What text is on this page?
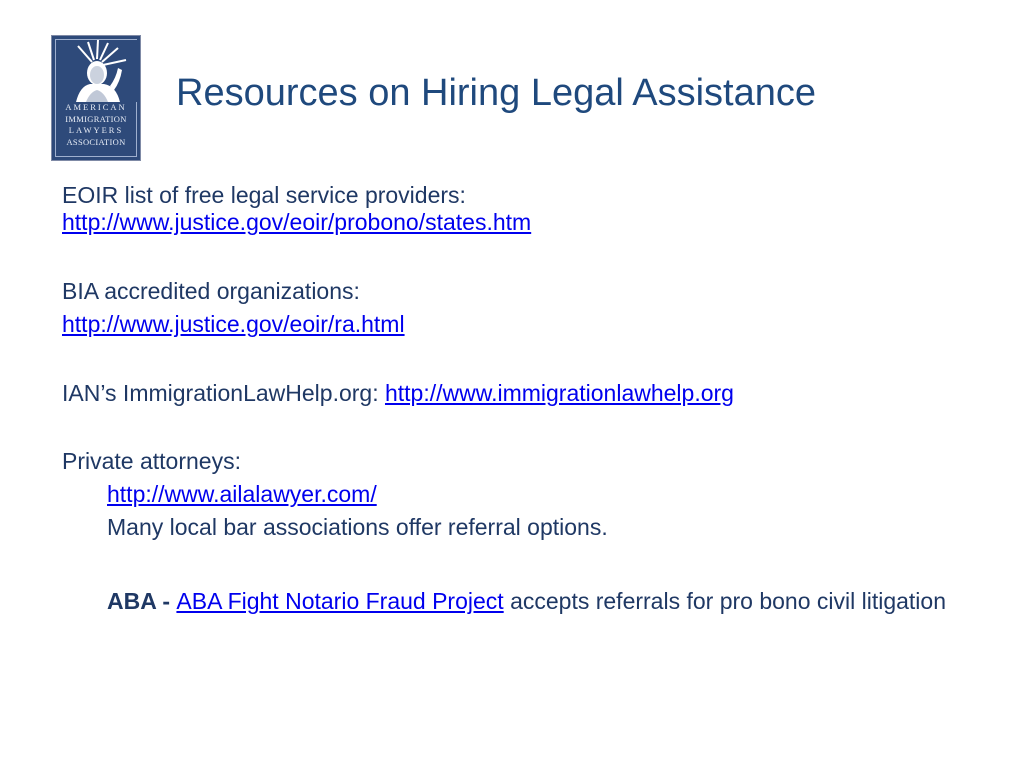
AMERICAN
IMMIGRATION
LAWYERS
ASSOCIATION
Resources on Hiring Legal Assistance
EOIR list of free legal service providers:
http://www.justice.gov/eoir/probono/states.htm
BIA accredited organizations:
http://www.justice.gov/eoir/ra.html
IAN’s ImmigrationLawHelp.org: http://www.immigrationlawhelp.org
Private attorneys:
http://www.ailalawyer.com/
Many local bar associations offer referral options.
ABA - ABA Fight Notario Fraud Project accepts referrals for pro bono civil litigation
